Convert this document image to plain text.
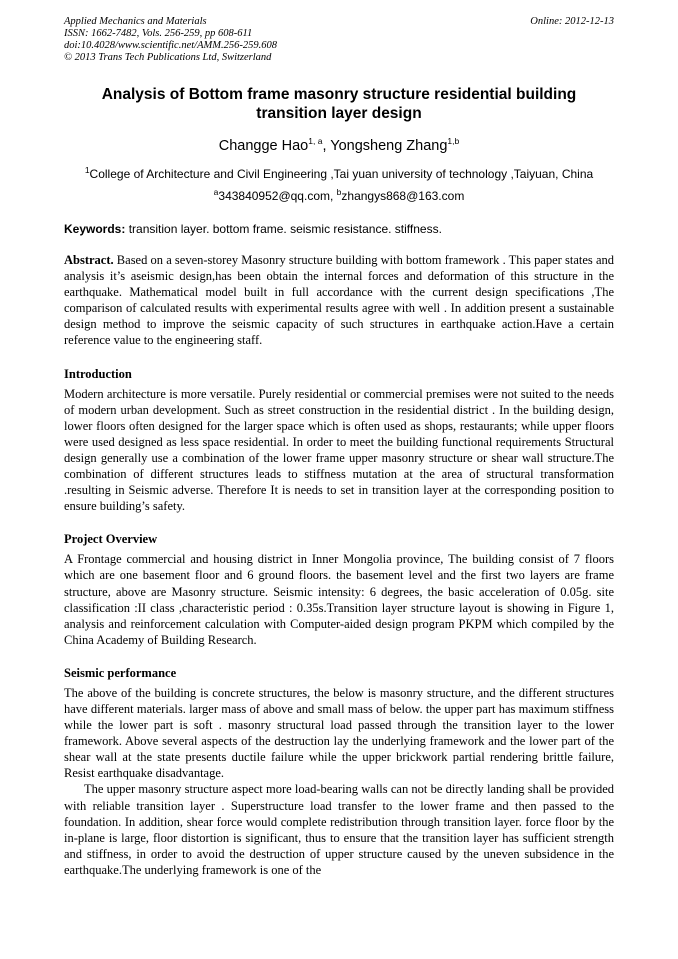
Applied Mechanics and Materials
ISSN: 1662-7482, Vols. 256-259, pp 608-611
doi:10.4028/www.scientific.net/AMM.256-259.608
© 2013 Trans Tech Publications Ltd, Switzerland
Online: 2012-12-13
Analysis of Bottom frame masonry structure residential building transition layer design
Changge Hao$^{1, a}$, Yongsheng Zhang$^{1,b}$
$^1$College of Architecture and Civil Engineering ,Tai yuan university of technology ,Taiyuan, China
$^a$343840952@qq.com, $^b$zhangys868@163.com
Keywords: transition layer. bottom frame. seismic resistance. stiffness.
Abstract. Based on a seven-storey Masonry structure building with bottom framework . This paper states and analysis it’s aseismic design,has been obtain the internal forces and deformation of this structure in the earthquake. Mathematical model built in full accordance with the current design specifications ,The comparison of calculated results with experimental results agree with well . In addition present a sustainable design method to improve the seismic capacity of such structures in earthquake action.Have a certain reference value to the engineering staff.
Introduction

Modern architecture is more versatile. Purely residential or commercial premises were not suited to the needs of modern urban development. Such as street construction in the residential district . In the building design, lower floors often designed for the larger space which is often used as shops, restaurants; while upper floors were used designed as less space residential. In order to meet the building functional requirements Structural design generally use a combination of the lower frame upper masonry structure or shear wall structure.The combination of different structures leads to stiffness mutation at the area of structural transformation .resulting in Seismic adverse. Therefore It is needs to set in transition layer at the corresponding position to ensure building’s safety.

Project Overview

A Frontage commercial and housing district in Inner Mongolia province, The building consist of 7 floors which are one basement floor and 6 ground floors. the basement level and the first two layers are frame structure, above are Masonry structure. Seismic intensity: 6 degrees, the basic acceleration of 0.05g. site classification :II class ,characteristic period : 0.35s.Transition layer structure layout is showing in Figure 1, analysis and reinforcement calculation with Computer-aided design program PKPM which compiled by the China Academy of Building Research.

Seismic performance

The above of the building is concrete structures, the below is masonry structure, and the different structures have different materials. larger mass of above and small mass of below. the upper part has maximum stiffness while the lower part is soft . masonry structural load passed through the transition layer to the lower framework. Above several aspects of the destruction lay the underlying framework and the lower part of the shear wall at the state presents ductile failure while the upper brickwork partial rendering brittle failure, Resist earthquake disadvantage.

The upper masonry structure aspect more load-bearing walls can not be directly landing shall be provided with reliable transition layer . Superstructure load transfer to the lower frame and then passed to the foundation. In addition, shear force would complete redistribution through transition layer. force floor by the in-plane is large, floor distortion is significant, thus to ensure that the transition layer has sufficient strength and stiffness, in order to avoid the destruction of upper structure caused by the uneven subsidence in the earthquake.The underlying framework is one of the
